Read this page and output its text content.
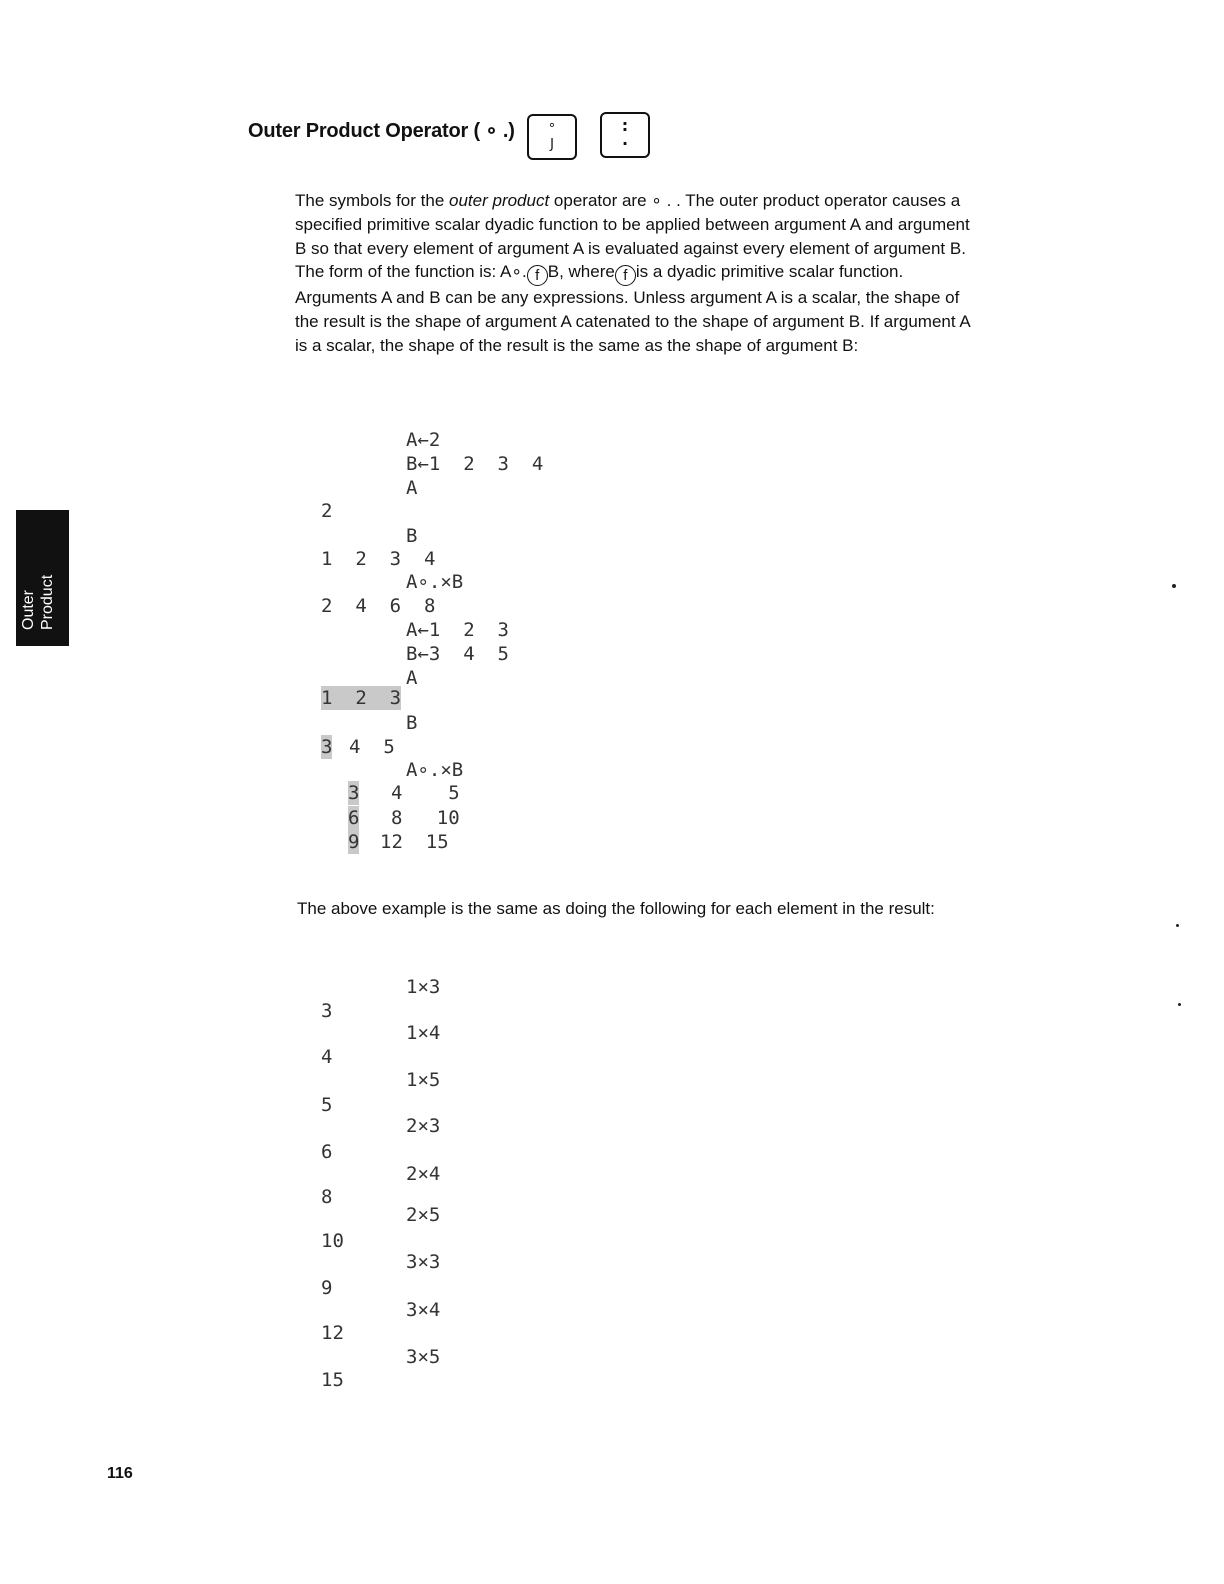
Outer Product Operator ( ∘ .)	∘
J
:
.
The symbols for the outer product operator are ∘ . . The outer product operator causes a specified primitive scalar dyadic function to be applied between argument A and argument B so that every element of argument A is evaluated against every element of argument B. The form of the function is: A∘. f B, where f is a dyadic primitive scalar function. Arguments A and B can be any expressions. Unless argument A is a scalar, the shape of the result is the shape of argument A catenated to the shape of argument B. If argument A is a scalar, the shape of the result is the same as the shape of argument B:
A←2
B←1  2  3  4
A
2
B
1  2  3  4
A∘.×B
2  4  6  8
A←1  2  3
B←3  4  5
A
1  2  3
B
3 4  5
A∘.×B
3 4    5
6 8   10
9 12  15
The above example is the same as doing the following for each element in the result:
1×3
3
1×4
4
1×5
5
2×3
6
2×4
8
2×5
10
3×3
9
3×4
12
3×5
15
Outer Product
116
